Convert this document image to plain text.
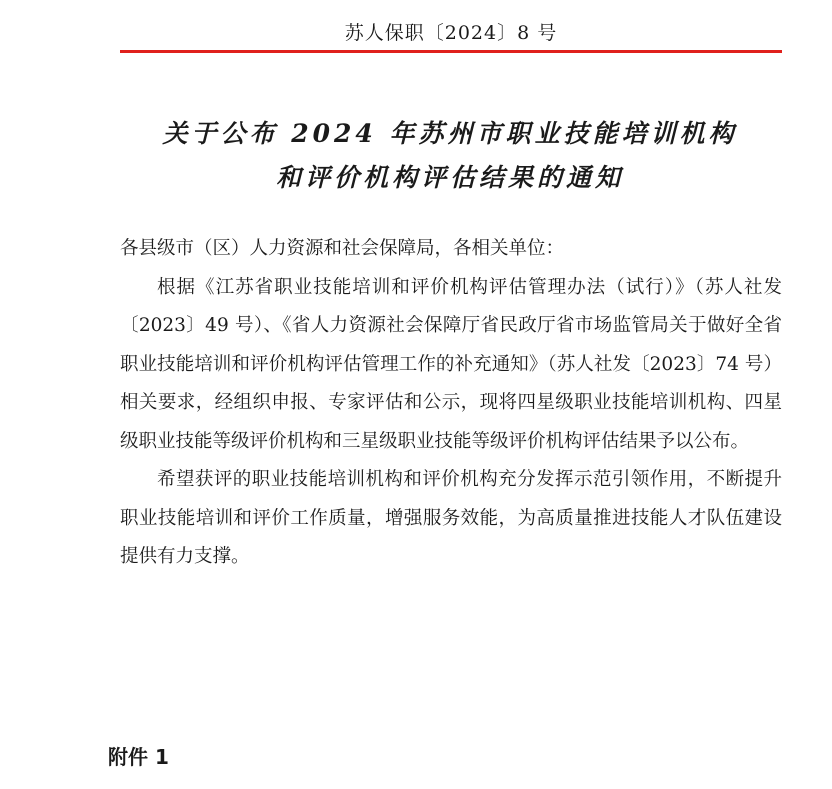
苏人保职〔2024〕8 号
关于公布 2024 年苏州市职业技能培训机构
和评价机构评估结果的通知

各县级市（区）人力资源和社会保障局，各相关单位：

根据《江苏省职业技能培训和评价机构评估管理办法（试行）》（苏人社发〔2023〕49 号）、《省人力资源社会保障厅省民政厅省市场监管局关于做好全省职业技能培训和评价机构评估管理工作的补充通知》（苏人社发〔2023〕74 号）相关要求，经组织申报、专家评估和公示，现将四星级职业技能培训机构、四星级职业技能等级评价机构和三星级职业技能等级评价机构评估结果予以公布。

希望获评的职业技能培训机构和评价机构充分发挥示范引领作用，不断提升职业技能培训和评价工作质量，增强服务效能，为高质量推进技能人才队伍建设提供有力支撑。

附件 1
